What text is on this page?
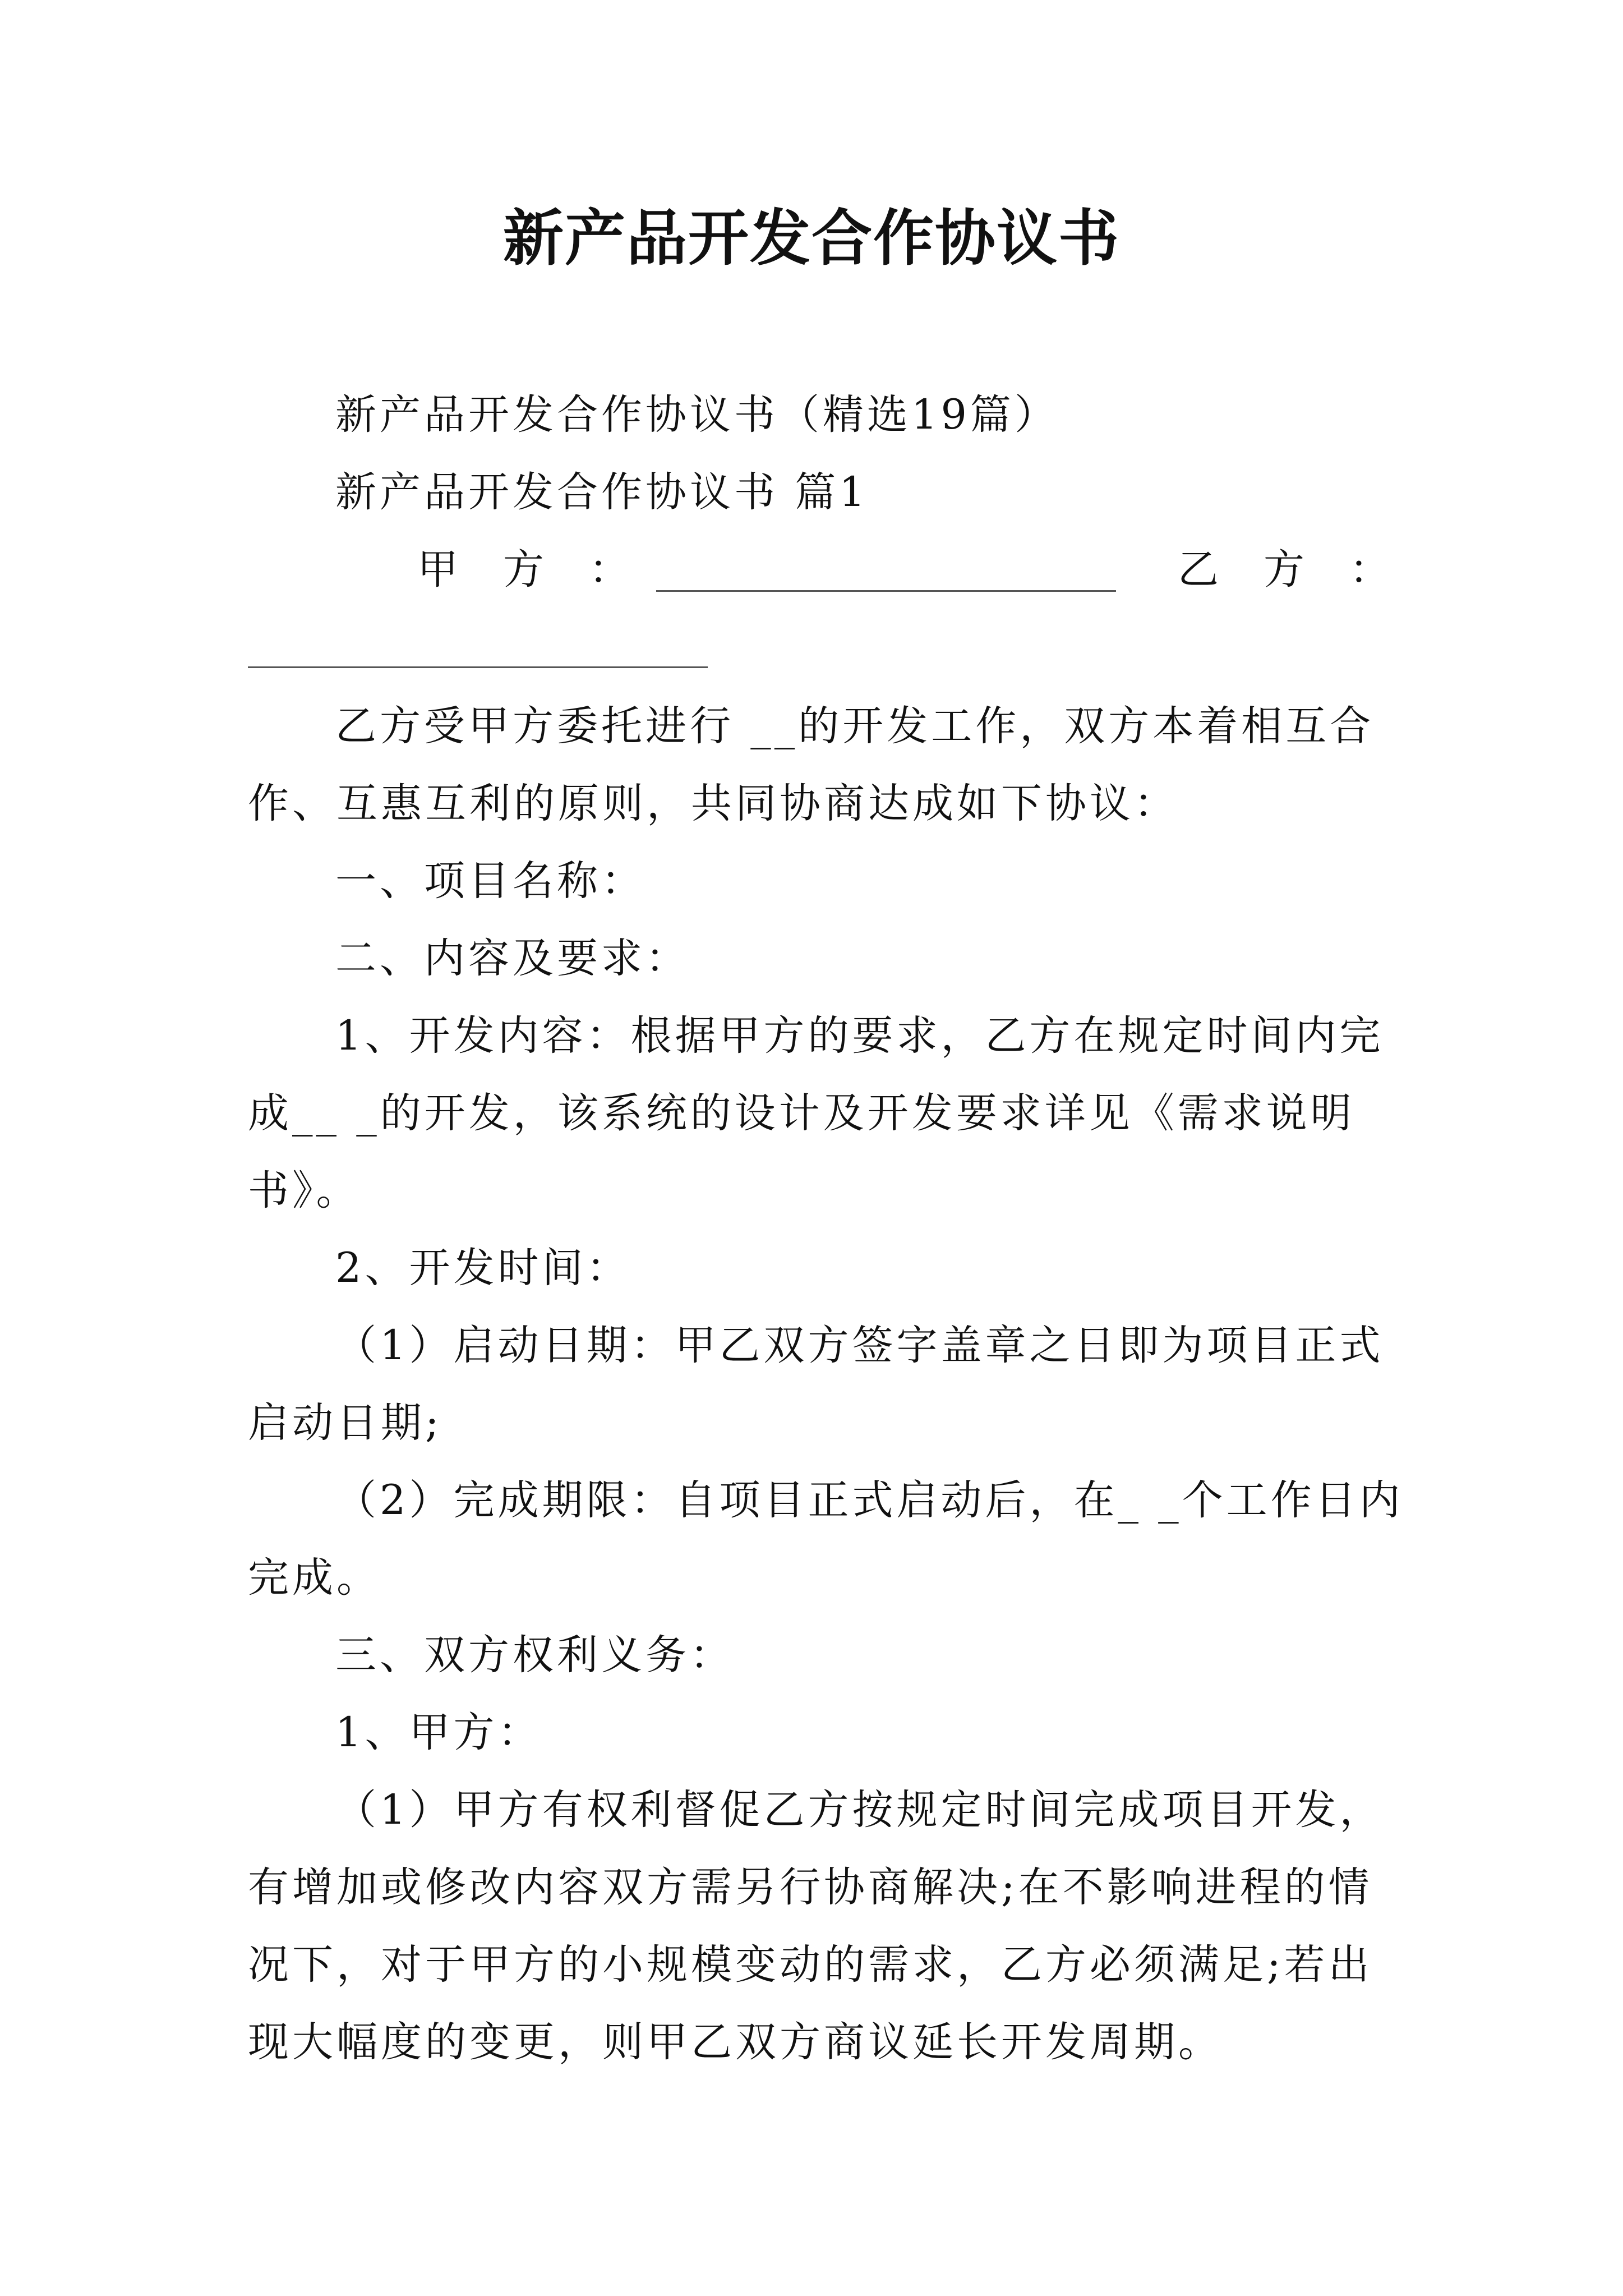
新产品开发合作协议书
新产品开发合作协议书（精选19篇）
新产品开发合作协议书 篇1
甲方：	乙方：
乙方受甲方委托进行 __的开发工作，双方本着相互合
作、互惠互利的原则，共同协商达成如下协议：
一、项目名称：
二、内容及要求：
1、开发内容：根据甲方的要求，乙方在规定时间内完
成__ _的开发，该系统的设计及开发要求详见《需求说明
书》。
2、开发时间：
（1）启动日期：甲乙双方签字盖章之日即为项目正式
启动日期;
（2）完成期限：自项目正式启动后，在_ _个工作日内
完成。
三、双方权利义务：
1、甲方：
（1）甲方有权利督促乙方按规定时间完成项目开发，
有增加或修改内容双方需另行协商解决;在不影响进程的情
况下，对于甲方的小规模变动的需求，乙方必须满足;若出
现大幅度的变更，则甲乙双方商议延长开发周期。
